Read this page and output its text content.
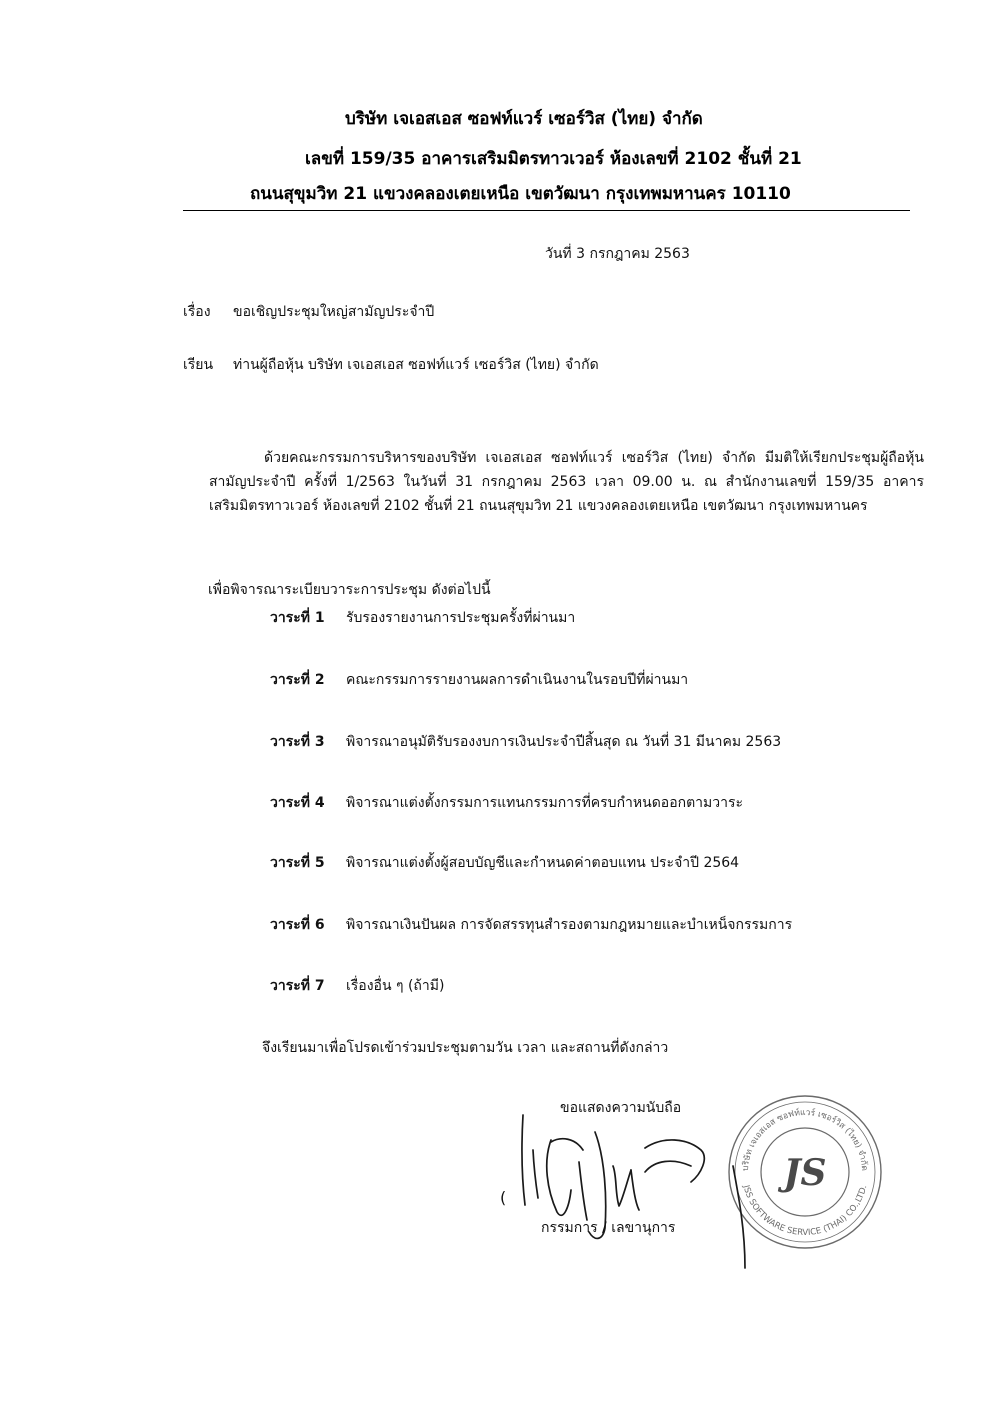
บริษัท เจเอสเอส ซอฟท์แวร์ เซอร์วิส (ไทย) จำกัด
เลขที่ 159/35 อาคารเสริมมิตรทาวเวอร์ ห้องเลขที่ 2102 ชั้นที่ 21
ถนนสุขุมวิท 21 แขวงคลองเตยเหนือ เขตวัฒนา กรุงเทพมหานคร 10110
วันที่ 3 กรกฎาคม 2563
เรื่อง ขอเชิญประชุมใหญ่สามัญประจำปี
เรียน ท่านผู้ถือหุ้น บริษัท เจเอสเอส ซอฟท์แวร์ เซอร์วิส (ไทย) จำกัด
ด้วยคณะกรรมการบริหารของบริษัท เจเอสเอส ซอฟท์แวร์ เซอร์วิส (ไทย) จำกัด มีมติให้เรียกประชุมผู้ถือหุ้นสามัญประจำปี ครั้งที่ 1/2563 ในวันที่ 31 กรกฎาคม 2563 เวลา 09.00 น. ณ สำนักงานเลขที่ 159/35 อาคารเสริมมิตรทาวเวอร์ ห้องเลขที่ 2102 ชั้นที่ 21 ถนนสุขุมวิท 21 แขวงคลองเตยเหนือ เขตวัฒนา กรุงเทพมหานคร
เพื่อพิจารณาระเบียบวาระการประชุม ดังต่อไปนี้
วาระที่ 1 รับรองรายงานการประชุมครั้งที่ผ่านมา
วาระที่ 2 คณะกรรมการรายงานผลการดำเนินงานในรอบปีที่ผ่านมา
วาระที่ 3 พิจารณาอนุมัติรับรองงบการเงินประจำปีสิ้นสุด ณ วันที่ 31 มีนาคม 2563
วาระที่ 4 พิจารณาแต่งตั้งกรรมการแทนกรรมการที่ครบกำหนดออกตามวาระ
วาระที่ 5 พิจารณาแต่งตั้งผู้สอบบัญชีและกำหนดค่าตอบแทน ประจำปี 2564
วาระที่ 6 พิจารณาเงินปันผล การจัดสรรทุนสำรองตามกฎหมายและบำเหน็จกรรมการ
วาระที่ 7 เรื่องอื่น ๆ (ถ้ามี)
จึงเรียนมาเพื่อโปรดเข้าร่วมประชุมตามวัน เวลา และสถานที่ดังกล่าว
บริษัท เจเอสเอส ซอฟท์แวร์ เซอร์วิส (ไทย) จำกัด
JSS SOFTWARE SERVICE (THAI) CO.,LTD.
JS
ขอแสดงความนับถือ
(
กรรมการ / เลขานุการ
